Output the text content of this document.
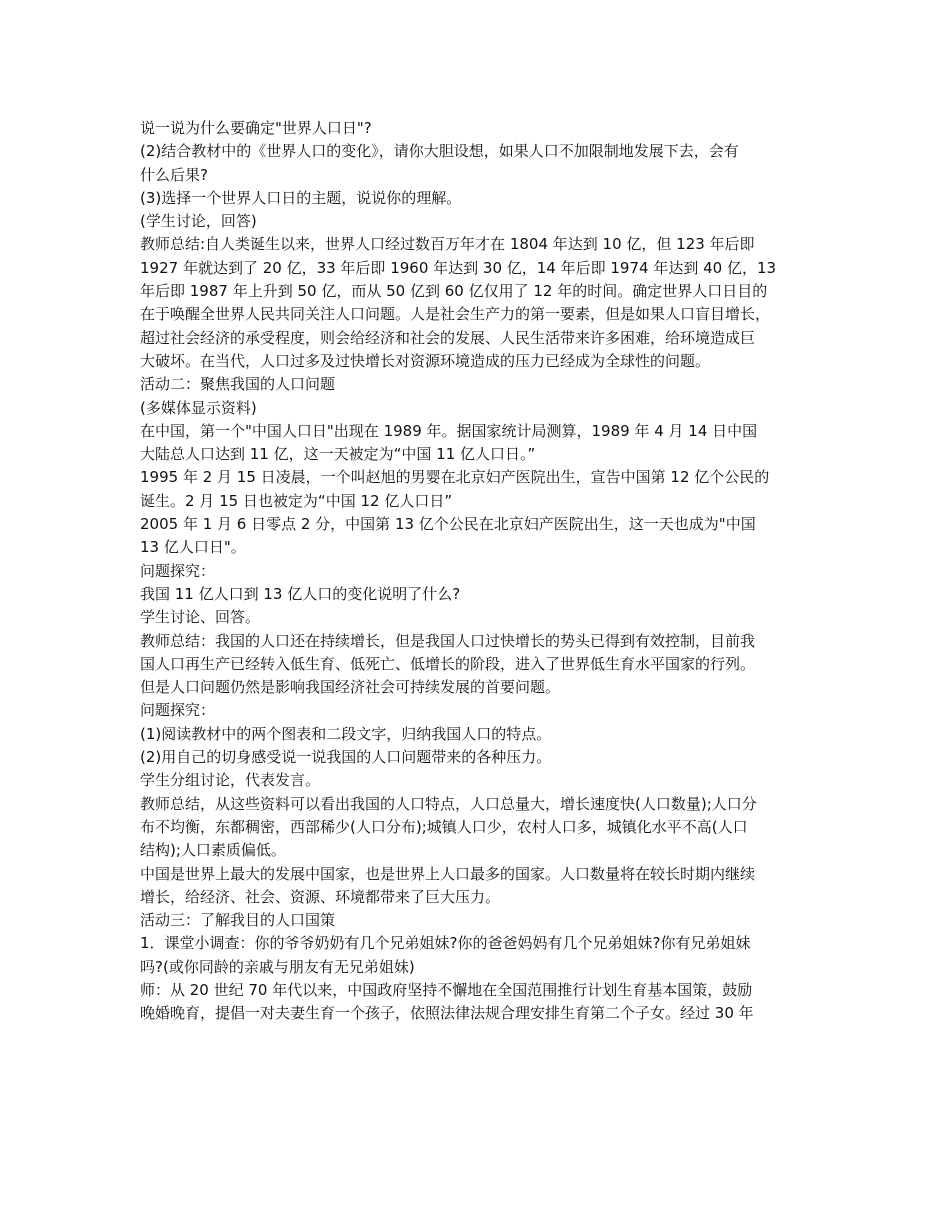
说一说为什么要确定"世界人口日"?

(2)结合教材中的《世界人口的变化》，请你大胆设想，如果人口不加限制地发展下去，会有
什么后果?

(3)选择一个世界人口日的主题，说说你的理解。

(学生讨论，回答)

教师总结:自人类诞生以来，世界人口经过数百万年才在 1804 年达到 10 亿，但 123 年后即
1927 年就达到了 20 亿，33 年后即 1960 年达到 30 亿，14 年后即 1974 年达到 40 亿，13
年后即 1987 年上升到 50 亿，而从 50 亿到 60 亿仅用了 12 年的时间。确定世界人口日目的
在于唤醒全世界人民共同关注人口问题。人是社会生产力的第一要素，但是如果人口盲目增长，
超过社会经济的承受程度，则会给经济和社会的发展、人民生活带来许多困难，给环境造成巨
大破坏。在当代，人口过多及过快增长对资源环境造成的压力已经成为全球性的问题。

活动二：聚焦我国的人口问题

(多媒体显示资料)

在中国，第一个"中国人口日"出现在 1989 年。据国家统计局测算，1989 年 4 月 14 日中国
大陆总人口达到 11 亿，这一天被定为“中国 11 亿人口日。”

1995 年 2 月 15 日凌晨，一个叫赵旭的男婴在北京妇产医院出生，宣告中国第 12 亿个公民的
诞生。2 月 15 日也被定为“中国 12 亿人口日”

2005 年 1 月 6 日零点 2 分，中国第 13 亿个公民在北京妇产医院出生，这一天也成为"中国
13 亿人口日"。

问题探究：

我国 11 亿人口到 13 亿人口的变化说明了什么?

学生讨论、回答。

教师总结：我国的人口还在持续增长，但是我国人口过快增长的势头已得到有效控制，目前我
国人口再生产已经转入低生育、低死亡、低增长的阶段，进入了世界低生育水平国家的行列。
但是人口问题仍然是影响我国经济社会可持续发展的首要问题。

问题探究：

(1)阅读教材中的两个图表和二段文字，归纳我国人口的特点。

(2)用自己的切身感受说一说我国的人口问题带来的各种压力。

学生分组讨论，代表发言。

教师总结，从这些资料可以看出我国的人口特点，人口总量大，增长速度快(人口数量);人口分
布不均衡，东都稠密，西部稀少(人口分布);城镇人口少，农村人口多，城镇化水平不高(人口
结构);人口素质偏低。

中国是世界上最大的发展中国家，也是世界上人口最多的国家。人口数量将在较长时期内继续
增长，给经济、社会、资源、环境都带来了巨大压力。

活动三：了解我目的人口国策

1．课堂小调查：你的爷爷奶奶有几个兄弟姐妹?你的爸爸妈妈有几个兄弟姐妹?你有兄弟姐妹
吗?(或你同龄的亲戚与朋友有无兄弟姐妹)

师：从 20 世纪 70 年代以来，中国政府坚持不懈地在全国范围推行计划生育基本国策，鼓励
晚婚晚育，提倡一对夫妻生育一个孩子，依照法律法规合理安排生育第二个子女。经过 30 年
